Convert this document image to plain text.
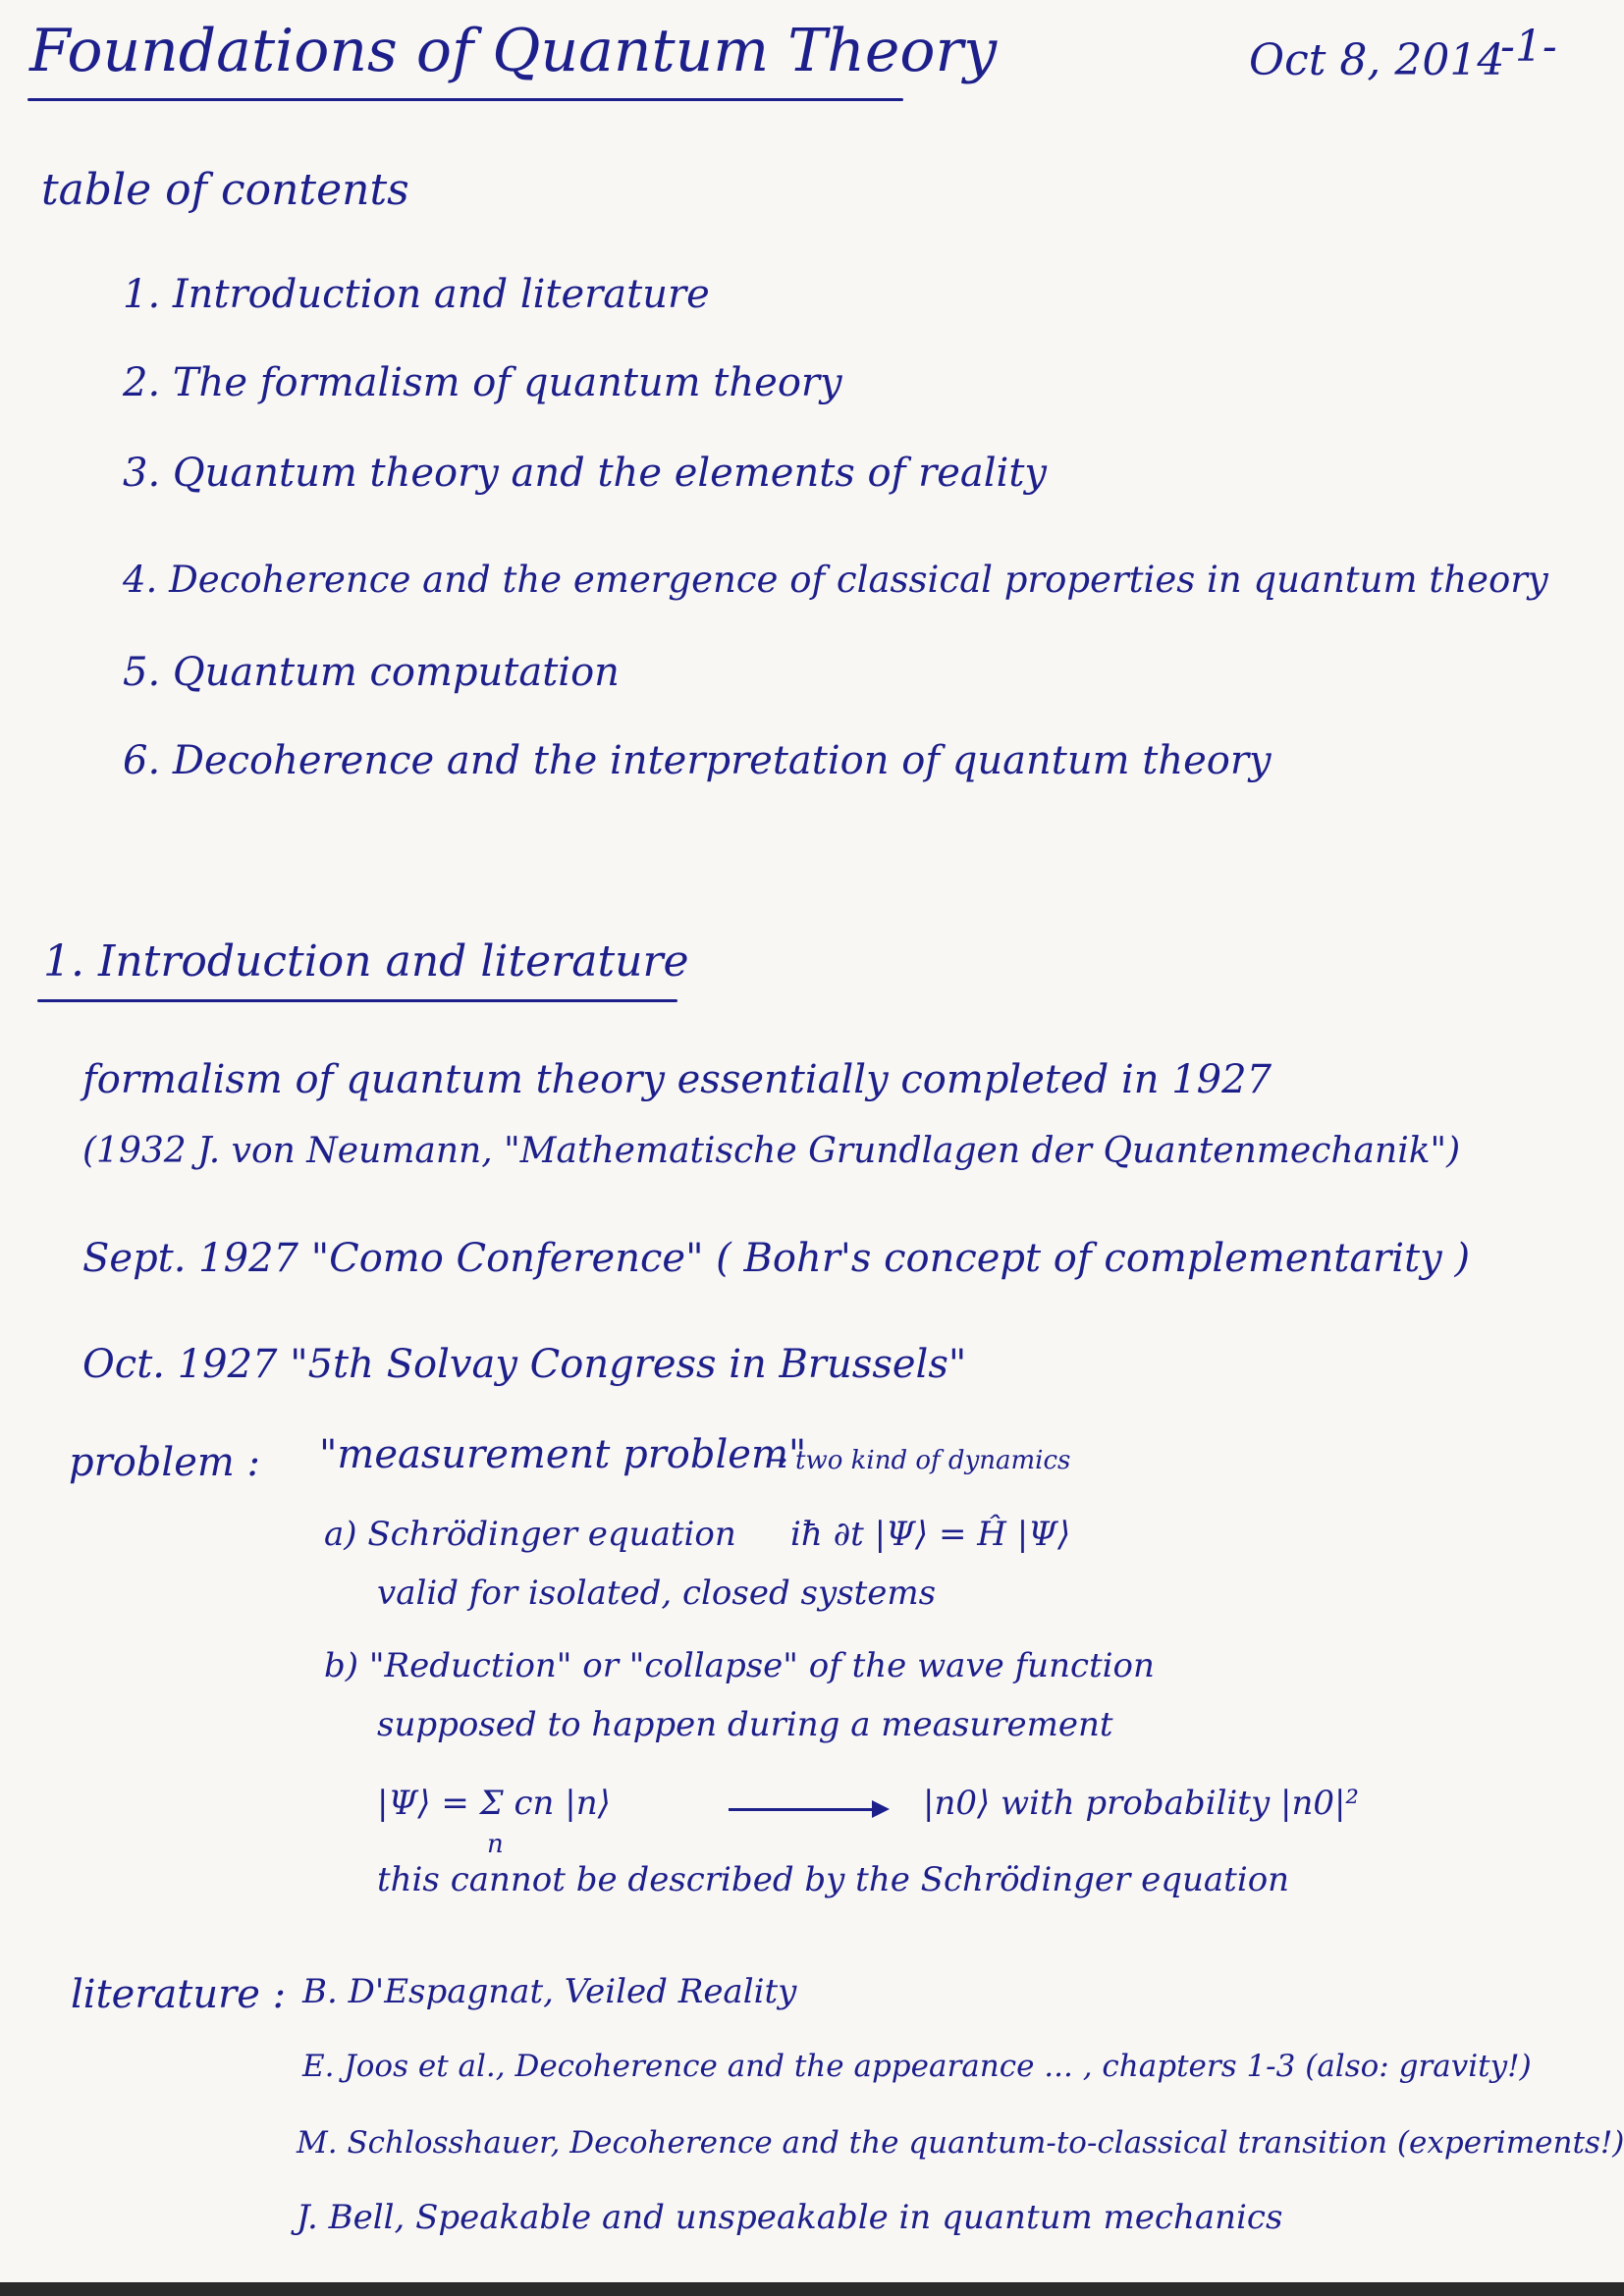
Foundations of Quantum Theory	Oct 8, 2014
-1-
table of contents
1. Introduction and literature
2. The formalism of quantum theory
3. Quantum theory and the elements of reality
4. Decoherence and the emergence of classical properties in quantum theory
5. Quantum computation
6. Decoherence and the interpretation of quantum theory
1. Introduction and literature
formalism of quantum theory essentially completed in 1927
(1932 J. von Neumann, "Mathematische Grundlagen der Quantenmechanik")
Sept. 1927 "Como Conference" ( Bohr's concept of complementarity )
Oct. 1927 "5th Solvay Congress in Brussels"
problem : "measurement problem"
→ two kind of dynamics
a) Schrödinger equation iħ ∂t |Ψ⟩ = Ĥ |Ψ⟩
valid for isolated, closed systems
b) "Reduction" or "collapse" of the wave function
supposed to happen during a measurement
|Ψ⟩ = Σ cn |n⟩
n
|n0⟩ with probability |n0|²
this cannot be described by the Schrödinger equation
literature : B. D'Espagnat, Veiled Reality
E. Joos et al., Decoherence and the appearance ... , chapters 1-3 (also: gravity!)
M. Schlosshauer, Decoherence and the quantum-to-classical transition (experiments!)
J. Bell, Speakable and unspeakable in quantum mechanics
